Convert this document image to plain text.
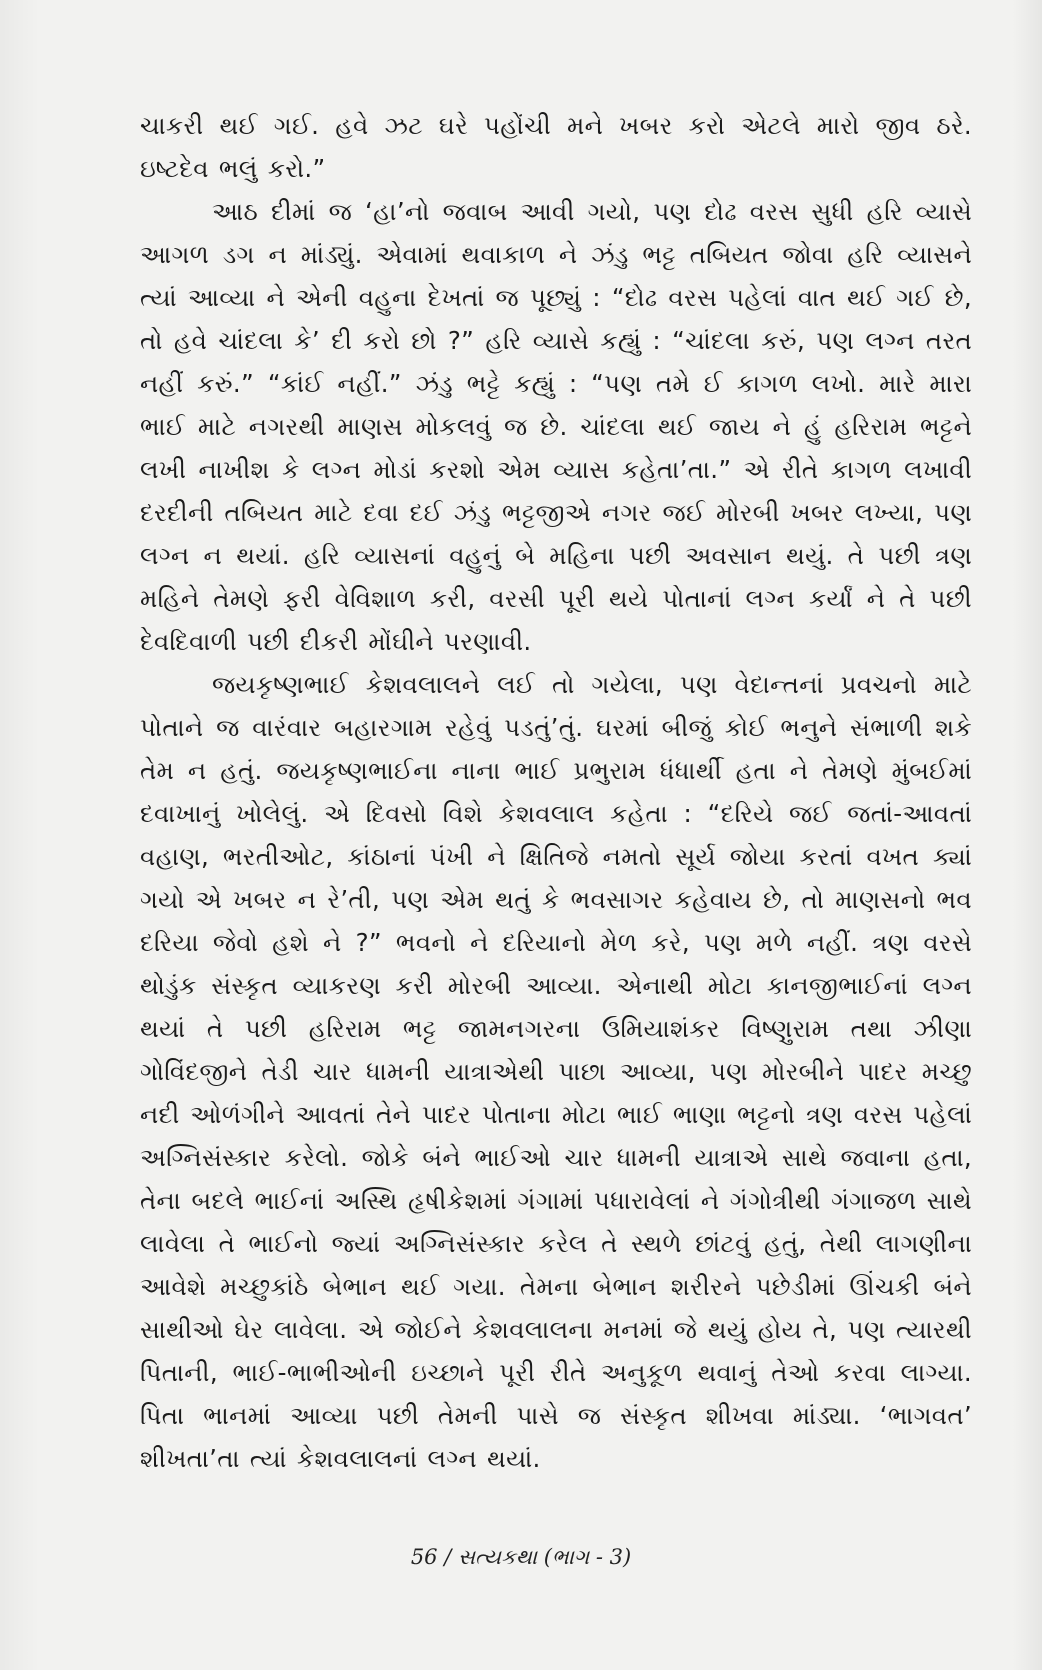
ચાકરી થઈ ગઈ. હવે ઝટ ઘરે પહોંચી મને ખબર કરો એટલે મારો જીવ ઠરે. ઇષ્ટદેવ ભલું કરો.”

આઠ દીમાં જ ‘હા’નો જવાબ આવી ગયો, પણ દોઢ વરસ સુધી હરિ વ્યાસે આગળ ડગ ન માંડ્યું. એવામાં થવાકાળ ને ઝંડુ ભટ્ટ તબિયત જોવા હરિ વ્યાસને ત્યાં આવ્યા ને એની વહુના દેખતાં જ પૂછ્યું : “દોઢ વરસ પહેલાં વાત થઈ ગઈ છે, તો હવે ચાંદલા કે’ દી કરો છો ?” હરિ વ્યાસે કહ્યું : “ચાંદલા કરું, પણ લગ્ન તરત નહીં કરું.” “કાંઈ નહીં.” ઝંડુ ભટ્ટે કહ્યું : “પણ તમે ઈ કાગળ લખો. મારે મારા ભાઈ માટે નગરથી માણસ મોકલવું જ છે. ચાંદલા થઈ જાય ને હું હરિરામ ભટ્ટને લખી નાખીશ કે લગ્ન મોડાં કરશો એમ વ્યાસ કહેતા’તા.” એ રીતે કાગળ લખાવી દરદીની તબિયત માટે દવા દઈ ઝંડુ ભટ્ટજીએ નગર જઈ મોરબી ખબર લખ્યા, પણ લગ્ન ન થયાં. હરિ વ્યાસનાં વહુનું બે મહિના પછી અવસાન થયું. તે પછી ત્રણ મહિને તેમણે ફરી વેવિશાળ કરી, વરસી પૂરી થયે પોતાનાં લગ્ન કર્યાં ને તે પછી દેવદિવાળી પછી દીકરી મોંઘીને પરણાવી.

જયકૃષ્ણભાઈ કેશવલાલને લઈ તો ગયેલા, પણ વેદાન્તનાં પ્રવચનો માટે પોતાને જ વારંવાર બહારગામ રહેવું પડતું’તું. ઘરમાં બીજું કોઈ ભનુને સંભાળી શકે તેમ ન હતું. જયકૃષ્ણભાઈના નાના ભાઈ પ્રભુરામ ધંધાર્થી હતા ને તેમણે મુંબઈમાં દવાખાનું ખોલેલું. એ દિવસો વિશે કેશવલાલ કહેતા : “દરિયે જઈ જતાં-આવતાં વહાણ, ભરતીઓટ, કાંઠાનાં પંખી ને ક્ષિતિજે નમતો સૂર્ય જોયા કરતાં વખત ક્યાં ગયો એ ખબર ન રે’તી, પણ એમ થતું કે ભવસાગર કહેવાય છે, તો માણસનો ભવ દરિયા જેવો હશે ને ?” ભવનો ને દરિયાનો મેળ કરે, પણ મળે નહીં. ત્રણ વરસે થોડુંક સંસ્કૃત વ્યાકરણ કરી મોરબી આવ્યા. એનાથી મોટા કાનજીભાઈનાં લગ્ન થયાં તે પછી હરિરામ ભટ્ટ જામનગરના ઉમિયાશંકર વિષ્ણુરામ તથા ઝીણા ગોવિંદજીને તેડી ચાર ધામની યાત્રાએથી પાછા આવ્યા, પણ મોરબીને પાદર મચ્છુ નદી ઓળંગીને આવતાં તેને પાદર પોતાના મોટા ભાઈ ભાણા ભટ્ટનો ત્રણ વરસ પહેલાં અગ્નિસંસ્કાર કરેલો. જોકે બંને ભાઈઓ ચાર ધામની યાત્રાએ સાથે જવાના હતા, તેના બદલે ભાઈનાં અસ્થિ હૃષીકેશમાં ગંગામાં પધારાવેલાં ને ગંગોત્રીથી ગંગાજળ સાથે લાવેલા તે ભાઈનો જ્યાં અગ્નિસંસ્કાર કરેલ તે સ્થળે છાંટવું હતું, તેથી લાગણીના આવેશે મચ્છુકાંઠે બેભાન થઈ ગયા. તેમના બેભાન શરીરને પછેડીમાં ઊંચકી બંને સાથીઓ ઘેર લાવેલા. એ જોઈને કેશવલાલના મનમાં જે થયું હોય તે, પણ ત્યારથી પિતાની, ભાઈ-ભાભીઓની ઇચ્છાને પૂરી રીતે અનુકૂળ થવાનું તેઓ કરવા લાગ્યા. પિતા ભાનમાં આવ્યા પછી તેમની પાસે જ સંસ્કૃત શીખવા માંડ્યા. ‘ભાગવત’ શીખતા’તા ત્યાં કેશવલાલનાં લગ્ન થયાં.

56 / સત્યકથા (ભાગ - 3)
